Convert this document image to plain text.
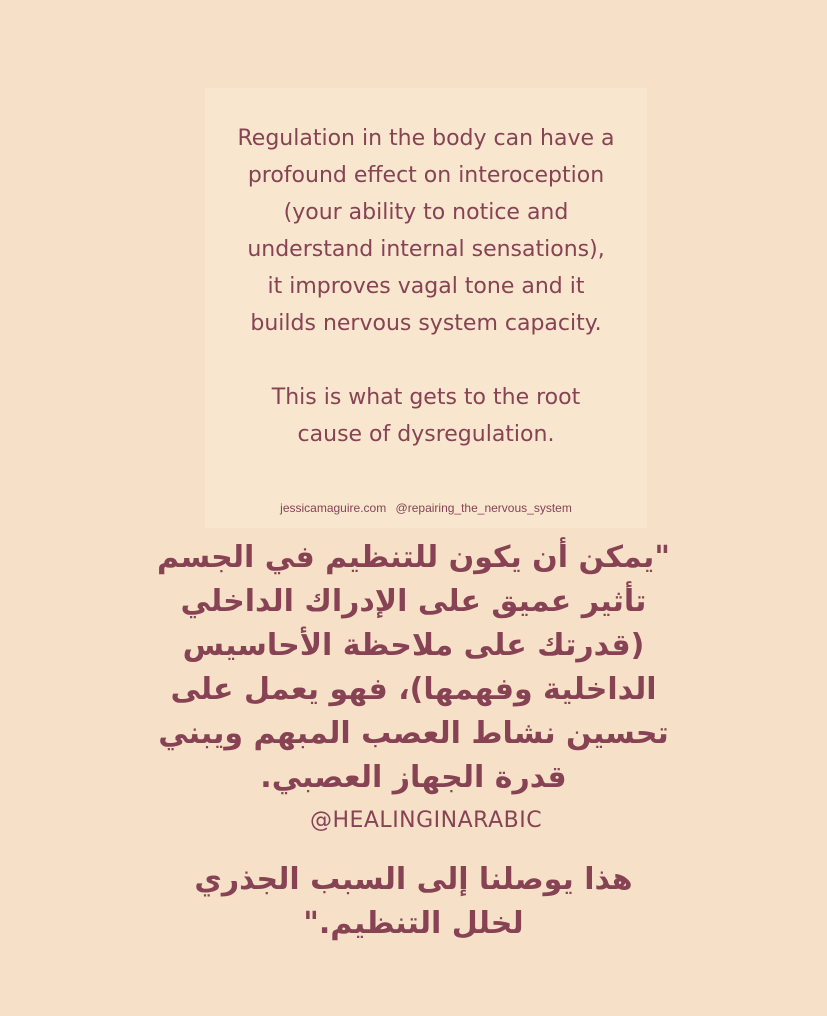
Regulation in the body can have a
profound effect on interoception
(your ability to notice and
understand internal sensations),
it improves vagal tone and it
builds nervous system capacity.
This is what gets to the root
cause of dysregulation.
jessicamaguire.com @repairing_the_nervous_system
"يمكن أن يكون للتنظيم في الجسم
تأثير عميق على الإدراك الداخلي
(قدرتك على ملاحظة الأحاسيس
الداخلية وفهمها)، فهو يعمل على
تحسين نشاط العصب المبهم ويبني
قدرة الجهاز العصبي.
@HEALINGINARABIC
هذا يوصلنا إلى السبب الجذري
لخلل التنظيم."
